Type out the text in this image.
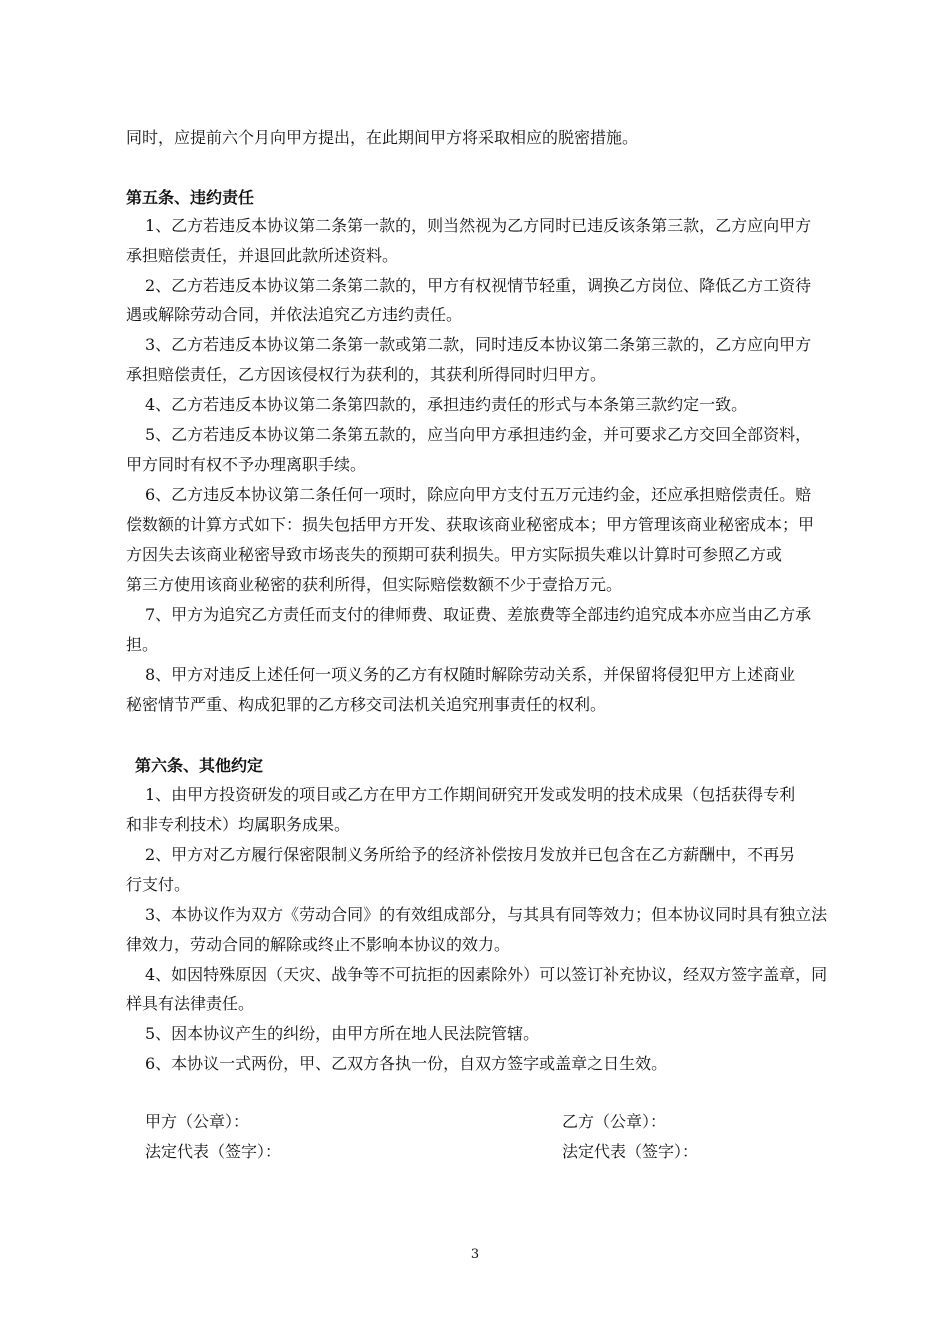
同时，应提前六个月向甲方提出，在此期间甲方将采取相应的脱密措施。
第五条、违约责任
1、乙方若违反本协议第二条第一款的，则当然视为乙方同时已违反该条第三款，乙方应向甲方
承担赔偿责任，并退回此款所述资料。
2、乙方若违反本协议第二条第二款的，甲方有权视情节轻重，调换乙方岗位、降低乙方工资待
遇或解除劳动合同，并依法追究乙方违约责任。
3、乙方若违反本协议第二条第一款或第二款，同时违反本协议第二条第三款的，乙方应向甲方
承担赔偿责任，乙方因该侵权行为获利的，其获利所得同时归甲方。
4、乙方若违反本协议第二条第四款的，承担违约责任的形式与本条第三款约定一致。
5、乙方若违反本协议第二条第五款的，应当向甲方承担违约金，并可要求乙方交回全部资料，
甲方同时有权不予办理离职手续。
6、乙方违反本协议第二条任何一项时，除应向甲方支付五万元违约金，还应承担赔偿责任。赔
偿数额的计算方式如下：损失包括甲方开发、获取该商业秘密成本；甲方管理该商业秘密成本；甲
方因失去该商业秘密导致市场丧失的预期可获利损失。甲方实际损失难以计算时可参照乙方或
第三方使用该商业秘密的获利所得，但实际赔偿数额不少于壹拾万元。
7、甲方为追究乙方责任而支付的律师费、取证费、差旅费等全部违约追究成本亦应当由乙方承
担。
8、甲方对违反上述任何一项义务的乙方有权随时解除劳动关系，并保留将侵犯甲方上述商业
秘密情节严重、构成犯罪的乙方移交司法机关追究刑事责任的权利。
第六条、其他约定
1、由甲方投资研发的项目或乙方在甲方工作期间研究开发或发明的技术成果（包括获得专利
和非专利技术）均属职务成果。
2、甲方对乙方履行保密限制义务所给予的经济补偿按月发放并已包含在乙方薪酬中，不再另
行支付。
3、本协议作为双方《劳动合同》的有效组成部分，与其具有同等效力；但本协议同时具有独立法
律效力，劳动合同的解除或终止不影响本协议的效力。
4、如因特殊原因（天灾、战争等不可抗拒的因素除外）可以签订补充协议，经双方签字盖章，同
样具有法律责任。
5、因本协议产生的纠纷，由甲方所在地人民法院管辖。
6、本协议一式两份，甲、乙双方各执一份，自双方签字或盖章之日生效。
甲方（公章）：
法定代表（签字）：
乙方（公章）：
法定代表（签字）：
3
